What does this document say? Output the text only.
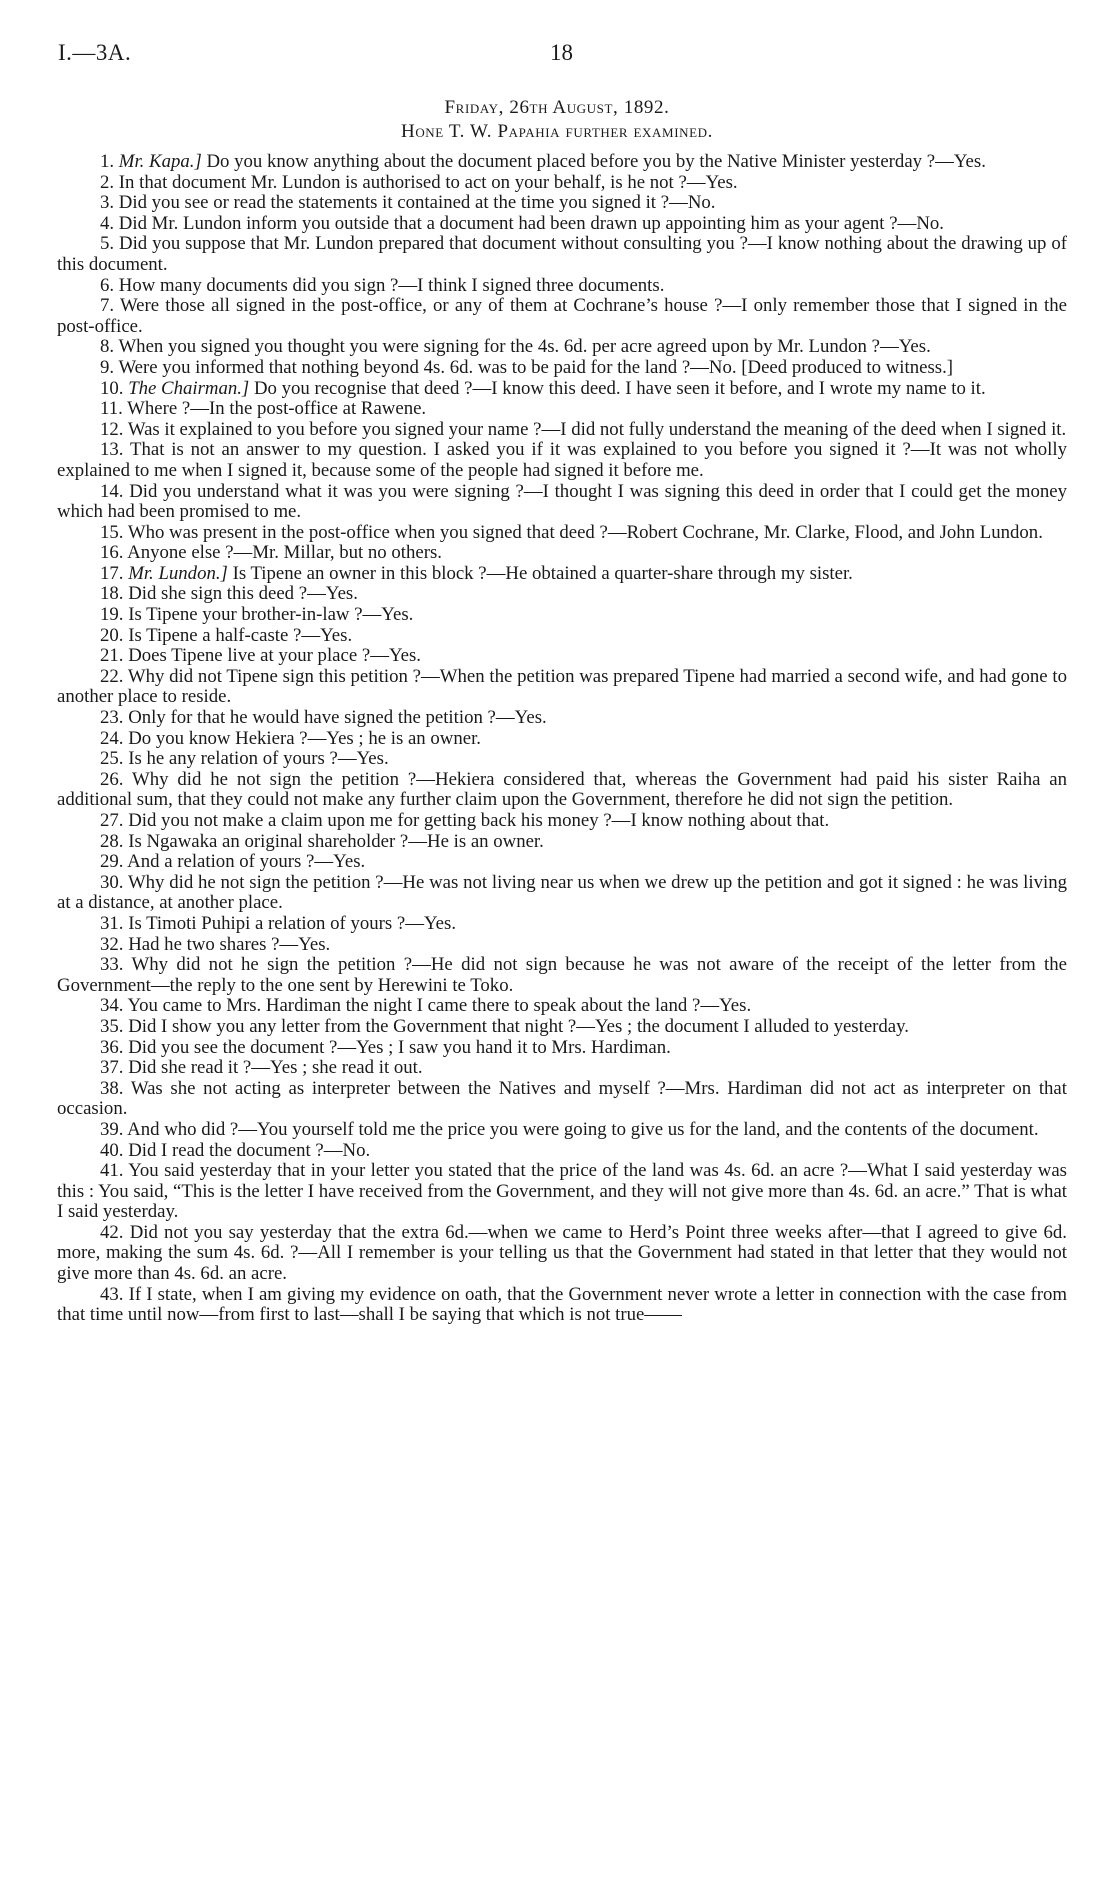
I.—3A.	18
Friday, 26th August, 1892.
Hone T. W. Papahia further examined.
1. Mr. Kapa.] Do you know anything about the document placed before you by the Native Minister yesterday ?—Yes.
2. In that document Mr. Lundon is authorised to act on your behalf, is he not ?—Yes.
3. Did you see or read the statements it contained at the time you signed it ?—No.
4. Did Mr. Lundon inform you outside that a document had been drawn up appointing him as your agent ?—No.
5. Did you suppose that Mr. Lundon prepared that document without consulting you ?—I know nothing about the drawing up of this document.
6. How many documents did you sign ?—I think I signed three documents.
7. Were those all signed in the post-office, or any of them at Cochrane’s house ?—I only remember those that I signed in the post-office.
8. When you signed you thought you were signing for the 4s. 6d. per acre agreed upon by Mr. Lundon ?—Yes.
9. Were you informed that nothing beyond 4s. 6d. was to be paid for the land ?—No. [Deed produced to witness.]
10. The Chairman.] Do you recognise that deed ?—I know this deed. I have seen it before, and I wrote my name to it.
11. Where ?—In the post-office at Rawene.
12. Was it explained to you before you signed your name ?—I did not fully understand the meaning of the deed when I signed it.
13. That is not an answer to my question. I asked you if it was explained to you before you signed it ?—It was not wholly explained to me when I signed it, because some of the people had signed it before me.
14. Did you understand what it was you were signing ?—I thought I was signing this deed in order that I could get the money which had been promised to me.
15. Who was present in the post-office when you signed that deed ?—Robert Cochrane, Mr. Clarke, Flood, and John Lundon.
16. Anyone else ?—Mr. Millar, but no others.
17. Mr. Lundon.] Is Tipene an owner in this block ?—He obtained a quarter-share through my sister.
18. Did she sign this deed ?—Yes.
19. Is Tipene your brother-in-law ?—Yes.
20. Is Tipene a half-caste ?—Yes.
21. Does Tipene live at your place ?—Yes.
22. Why did not Tipene sign this petition ?—When the petition was prepared Tipene had married a second wife, and had gone to another place to reside.
23. Only for that he would have signed the petition ?—Yes.
24. Do you know Hekiera ?—Yes ; he is an owner.
25. Is he any relation of yours ?—Yes.
26. Why did he not sign the petition ?—Hekiera considered that, whereas the Government had paid his sister Raiha an additional sum, that they could not make any further claim upon the Government, therefore he did not sign the petition.
27. Did you not make a claim upon me for getting back his money ?—I know nothing about that.
28. Is Ngawaka an original shareholder ?—He is an owner.
29. And a relation of yours ?—Yes.
30. Why did he not sign the petition ?—He was not living near us when we drew up the petition and got it signed : he was living at a distance, at another place.
31. Is Timoti Puhipi a relation of yours ?—Yes.
32. Had he two shares ?—Yes.
33. Why did not he sign the petition ?—He did not sign because he was not aware of the receipt of the letter from the Government—the reply to the one sent by Herewini te Toko.
34. You came to Mrs. Hardiman the night I came there to speak about the land ?—Yes.
35. Did I show you any letter from the Government that night ?—Yes ; the document I alluded to yesterday.
36. Did you see the document ?—Yes ; I saw you hand it to Mrs. Hardiman.
37. Did she read it ?—Yes ; she read it out.
38. Was she not acting as interpreter between the Natives and myself ?—Mrs. Hardiman did not act as interpreter on that occasion.
39. And who did ?—You yourself told me the price you were going to give us for the land, and the contents of the document.
40. Did I read the document ?—No.
41. You said yesterday that in your letter you stated that the price of the land was 4s. 6d. an acre ?—What I said yesterday was this : You said, “This is the letter I have received from the Government, and they will not give more than 4s. 6d. an acre.” That is what I said yesterday.
42. Did not you say yesterday that the extra 6d.—when we came to Herd’s Point three weeks after—that I agreed to give 6d. more, making the sum 4s. 6d. ?—All I remember is your telling us that the Government had stated in that letter that they would not give more than 4s. 6d. an acre.
43. If I state, when I am giving my evidence on oath, that the Government never wrote a letter in connection with the case from that time until now—from first to last—shall I be saying that which is not true——
